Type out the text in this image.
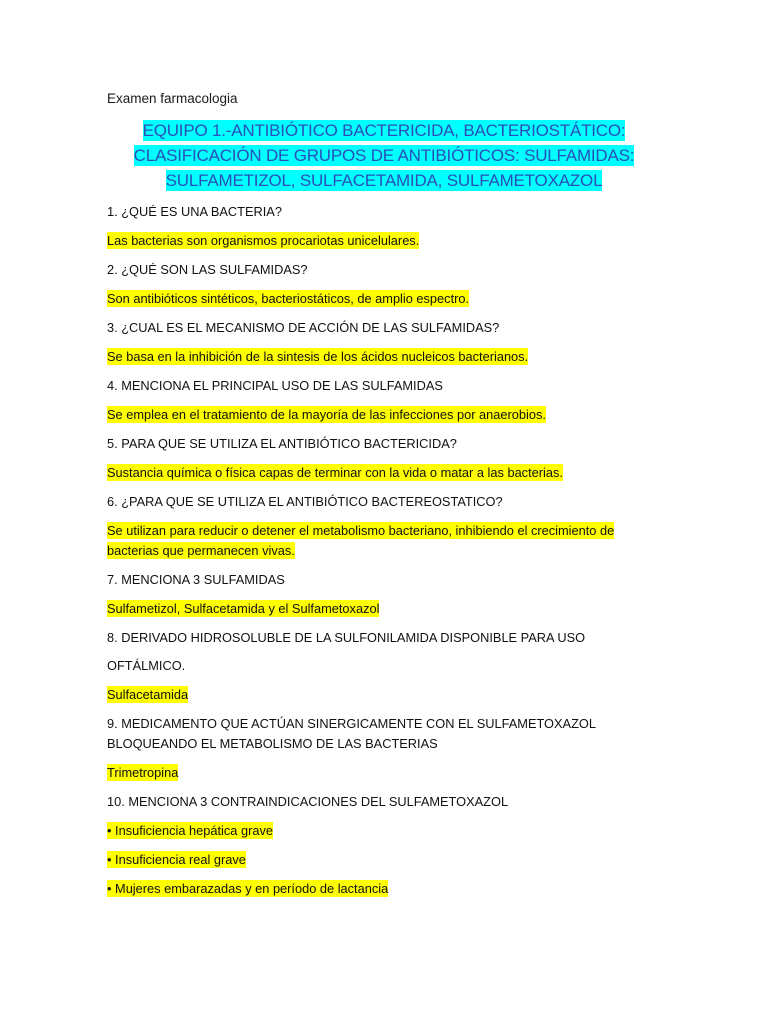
Examen farmacologia
EQUIPO 1.-ANTIBIÓTICO BACTERICIDA, BACTERIOSTÁTICO: CLASIFICACIÓN DE GRUPOS DE ANTIBIÓTICOS: SULFAMIDAS: SULFAMETIZOL, SULFACETAMIDA, SULFAMETOXAZOL
1. ¿QUÉ ES UNA BACTERIA?
Las bacterias son organismos procariotas unicelulares.
2. ¿QUÉ SON LAS SULFAMIDAS?
Son antibióticos sintéticos, bacteriostáticos, de amplio espectro.
3. ¿CUAL ES EL MECANISMO DE ACCIÓN DE LAS SULFAMIDAS?
Se basa en la inhibición de la sintesis de los ácidos nucleicos bacterianos.
4. MENCIONA EL PRINCIPAL USO DE LAS SULFAMIDAS
Se emplea en el tratamiento de la mayoría de las infecciones por anaerobios.
5. PARA QUE SE UTILIZA EL ANTIBIÓTICO BACTERICIDA?
Sustancia química o física capas de terminar con la vida o matar a las bacterias.
6. ¿PARA QUE SE UTILIZA EL ANTIBIÓTICO BACTEREOSTATICO?
Se utilizan para reducir o detener el metabolismo bacteriano, inhibiendo el crecimiento de bacterias que permanecen vivas.
7. MENCIONA 3 SULFAMIDAS
Sulfametizol, Sulfacetamida y el Sulfametoxazol
8. DERIVADO HIDROSOLUBLE DE LA SULFONILAMIDA DISPONIBLE PARA USO
OFTÁLMICO.
Sulfacetamida
9. MEDICAMENTO QUE ACTÚAN SINERGICAMENTE CON EL SULFAMETOXAZOL BLOQUEANDO EL METABOLISMO DE LAS BACTERIAS
Trimetropina
10. MENCIONA 3 CONTRAINDICACIONES DEL SULFAMETOXAZOL
• Insuficiencia hepática grave
• Insuficiencia real grave
• Mujeres embarazadas y en período de lactancia
